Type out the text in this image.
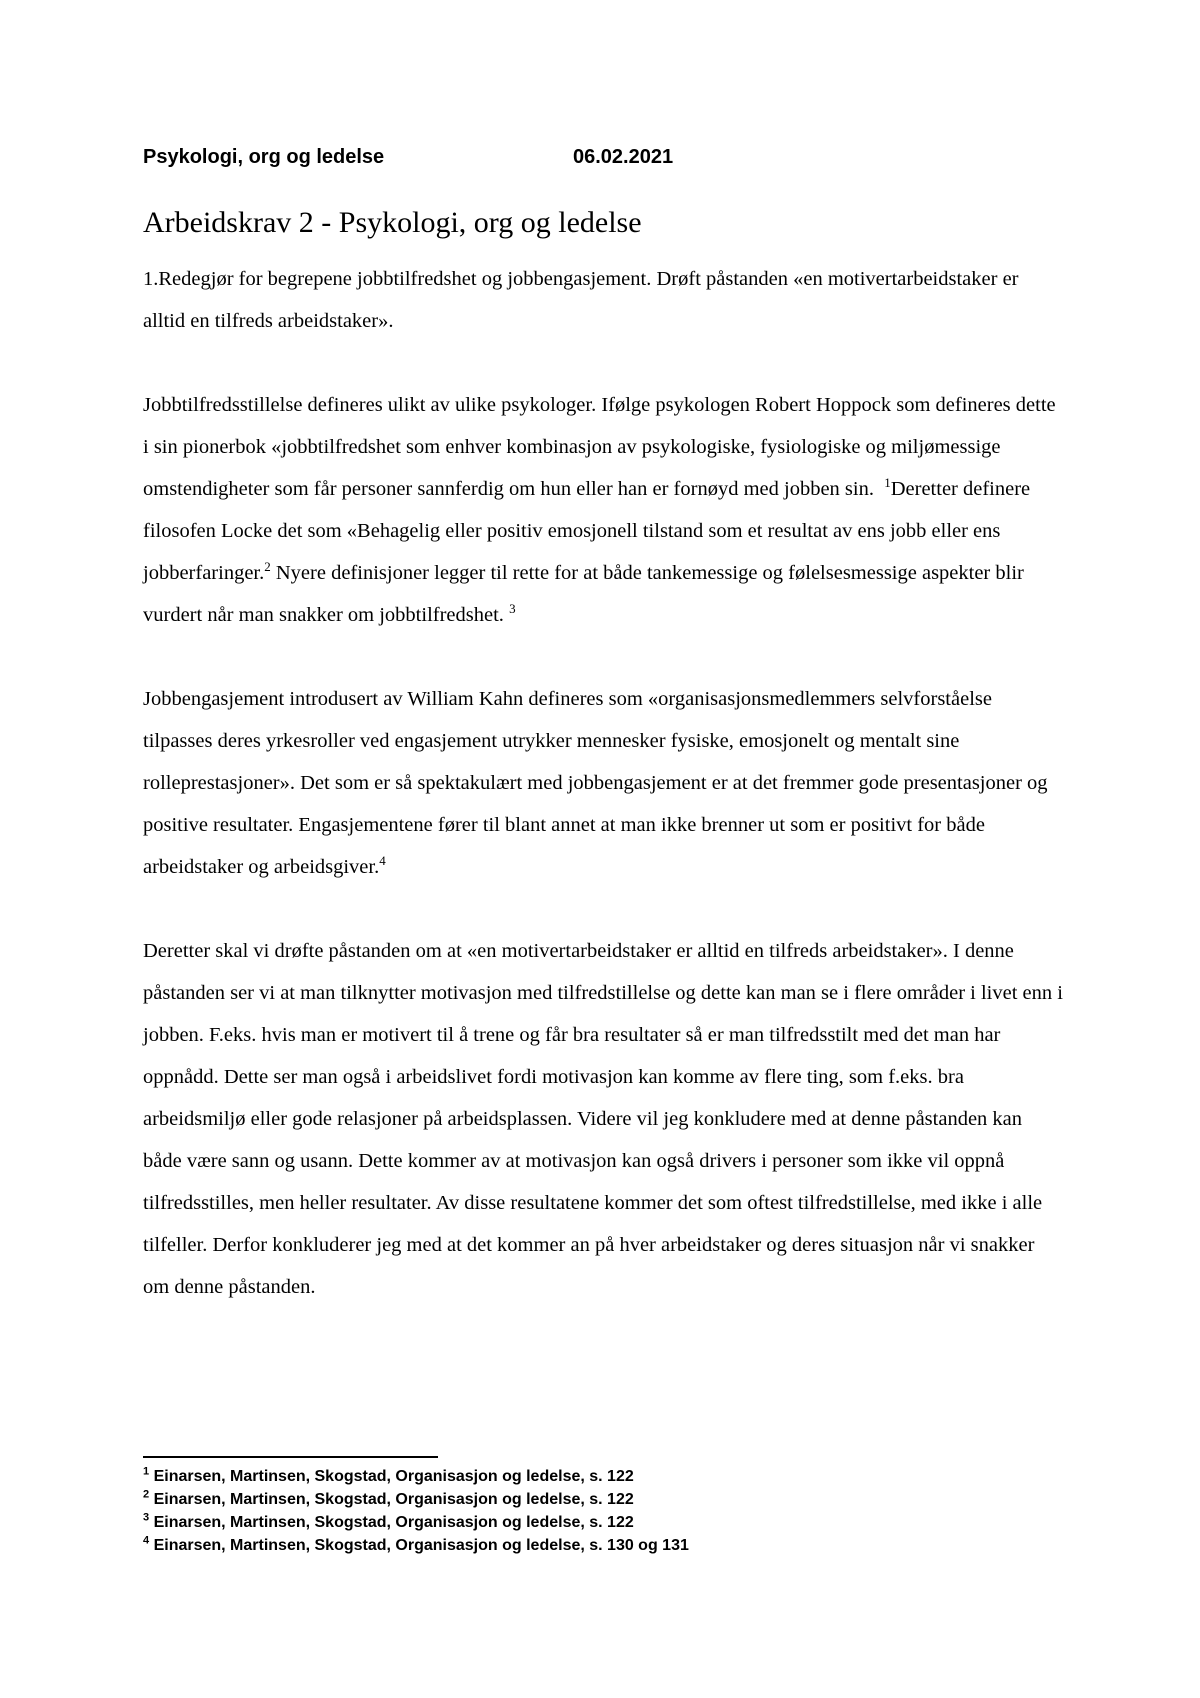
Psykologi, org og ledelse	06.02.2021
Arbeidskrav 2 - Psykologi, org og ledelse

1.Redegjør for begrepene jobbtilfredshet og jobbengasjement. Drøft påstanden «en motivertarbeidstaker er alltid en tilfreds arbeidstaker».

Jobbtilfredsstillelse defineres ulikt av ulike psykologer. Ifølge psykologen Robert Hoppock som defineres dette i sin pionerbok «jobbtilfredshet som enhver kombinasjon av psykologiske, fysiologiske og miljømessige omstendigheter som får personer sannferdig om hun eller han er fornøyd med jobben sin. $^1$Deretter definere filosofen Locke det som «Behagelig eller positiv emosjonell tilstand som et resultat av ens jobb eller ens jobberfaringer.$^2$ Nyere definisjoner legger til rette for at både tankemessige og følelsesmessige aspekter blir vurdert når man snakker om jobbtilfredshet. $^3$

Jobbengasjement introdusert av William Kahn defineres som «organisasjonsmedlemmers selvforståelse tilpasses deres yrkesroller ved engasjement utrykker mennesker fysiske, emosjonelt og mentalt sine rolleprestasjoner». Det som er så spektakulært med jobbengasjement er at det fremmer gode presentasjoner og positive resultater. Engasjementene fører til blant annet at man ikke brenner ut som er positivt for både arbeidstaker og arbeidsgiver.$^4$

Deretter skal vi drøfte påstanden om at «en motivertarbeidstaker er alltid en tilfreds arbeidstaker». I denne påstanden ser vi at man tilknytter motivasjon med tilfredstillelse og dette kan man se i flere områder i livet enn i jobben. F.eks. hvis man er motivert til å trene og får bra resultater så er man tilfredsstilt med det man har oppnådd. Dette ser man også i arbeidslivet fordi motivasjon kan komme av flere ting, som f.eks. bra arbeidsmiljø eller gode relasjoner på arbeidsplassen. Videre vil jeg konkludere med at denne påstanden kan både være sann og usann. Dette kommer av at motivasjon kan også drivers i personer som ikke vil oppnå tilfredsstilles, men heller resultater. Av disse resultatene kommer det som oftest tilfredstillelse, med ikke i alle tilfeller. Derfor konkluderer jeg med at det kommer an på hver arbeidstaker og deres situasjon når vi snakker om denne påstanden.

$^1$ Einarsen, Martinsen, Skogstad, Organisasjon og ledelse, s. 122
$^2$ Einarsen, Martinsen, Skogstad, Organisasjon og ledelse, s. 122
$^3$ Einarsen, Martinsen, Skogstad, Organisasjon og ledelse, s. 122
$^4$ Einarsen, Martinsen, Skogstad, Organisasjon og ledelse, s. 130 og 131
